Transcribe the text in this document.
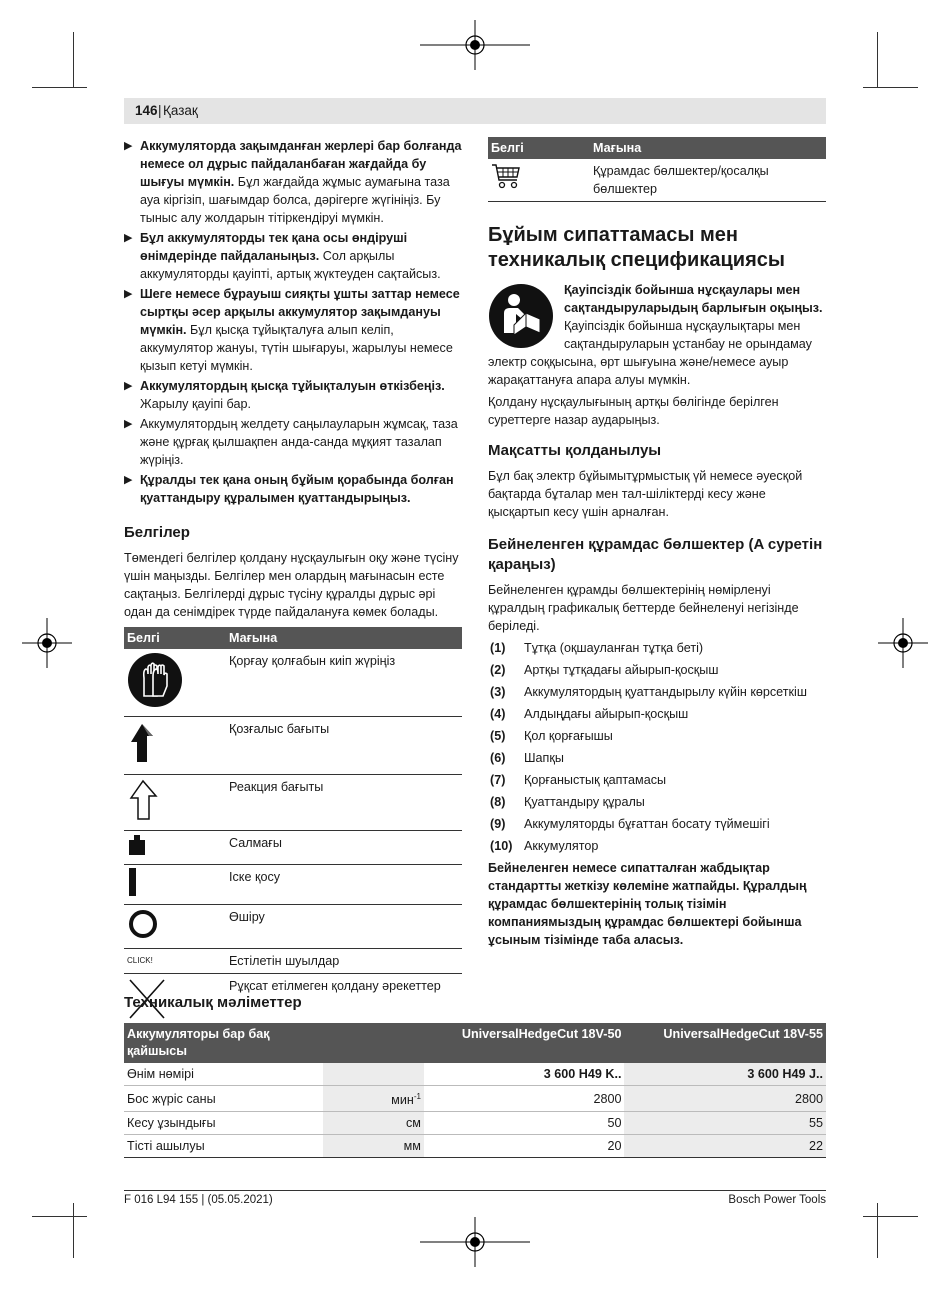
146 | Қазақ
▶ Аккумуляторда зақымданған жерлері бар болғанда немесе ол дұрыс пайдаланбаған жағдайда бу шығуы мүмкін. Бұл жағдайда жұмыс аумағына таза ауа кіргізіп, шағымдар болса, дәрігерге жүгініңіз. Бу тыныс алу жолдарын тітіркендіруі мүмкін.
▶ Бұл аккумуляторды тек қана осы өндіруші өнімдерінде пайдаланыңыз. Сол арқылы аккумуляторды қауіпті, артық жүктеуден сақтайсыз.
▶ Шеге немесе бұрауыш сияқты ұшты заттар немесе сыртқы әсер арқылы аккумулятор зақымдануы мүмкін. Бұл қысқа тұйықталуға алып келіп, аккумулятор жануы, түтін шығаруы, жарылуы немесе қызып кетуі мүмкін.
▶ Аккумулятордың қысқа тұйықталуын өткізбеңіз. Жарылу қауіпі бар.
▶ Аккумулятордың желдету саңылауларын жұмсақ, таза және құрғақ қылшақпен анда-санда мұқият тазалап жүріңіз.
▶ Құралды тек қана оның бұйым қорабында болған қуаттандыру құралымен қуаттандырыңыз.
Белгілер
Төмендегі белгілер қолдану нұсқаулығын оқу және түсіну үшін маңызды. Белгілер мен олардың мағынасын есте сақтаңыз. Белгілерді дұрыс түсіну құралды дұрыс әрі одан да сенімдірек түрде пайдалануға көмек болады.
Белгі	Мағына
	Қорғау қолғабын киіп жүріңіз
	Қозғалыс бағыты
	Реакция бағыты
	Салмағы
	Іске қосу
	Өшіру
CLICK!	Естілетін шуылдар
	Рұқсат етілмеген қолдану әрекеттер
Белгі	Мағына
	Құрамдас бөлшектер/қосалқы бөлшектер
Бұйым сипаттамасы мен техникалық спецификациясы
Қауіпсіздік бойынша нұсқаулары мен сақтандыруларыдың барлығын оқыңыз. Қауіпсіздік бойынша нұсқаулықтары мен сақтандыруларын ұстанбау не орындамау электр соққысына, өрт шығуына және/немесе ауыр жарақаттануға апара алуы мүмкін.
Қолдану нұсқаулығының артқы бөлігінде берілген суреттерге назар аударыңыз.
Мақсатты қолданылуы
Бұл бақ электр бұйымытұрмыстық үй немесе әуесқой бақтарда бұталар мен тал-шіліктерді кесу және қысқартып кесу үшін арналған.
Бейнеленген құрамдас бөлшектер (A суретін қараңыз)
Бейнеленген құрамды бөлшектерінің нөмірленуі құралдың графикалық беттерде бейнеленуі негізінде беріледі.
(1) Тұтқа (оқшауланған тұтқа беті)
(2) Артқы тұтқадағы айырып-қосқыш
(3) Аккумулятордың қуаттандырылу күйін көрсеткіш
(4) Алдыңдағы айырып-қосқыш
(5) Қол қорғағышы
(6) Шапқы
(7) Қорғаныстық қаптамасы
(8) Қуаттандыру құралы
(9) Аккумуляторды бұғаттан босату түймешігі
(10) Аккумулятор
Бейнеленген немесе сипатталған жабдықтар стандартты жеткізу көлеміне жатпайды. Құралдың құрамдас бөлшектерінің толық тізімін компаниямыздың құрамдас бөлшектері бойынша ұсыным тізімінде таба аласыз.
Техникалық мәліметтер
Аккумуляторы бар бақ қайшысы		UniversalHedgeCut 18V-50	UniversalHedgeCut 18V-55
Өнім нөмірі		3 600 H49 K..	3 600 H49 J..
Бос жүріс саны	мин$^{-1}$	2800	2800
Кесу ұзындығы	см	50	55
Тісті ашылуы	мм	20	22
F 016 L94 155 | (05.05.2021)	Bosch Power Tools
